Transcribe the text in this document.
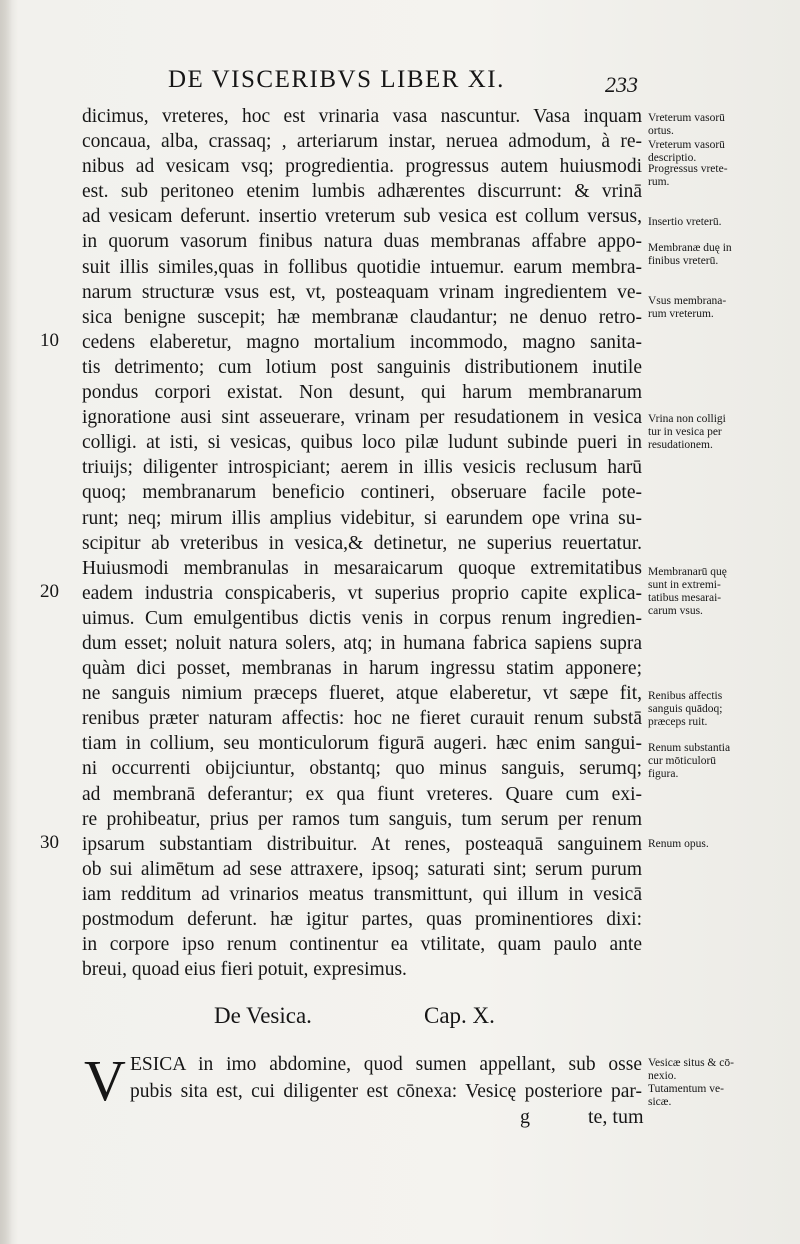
DE VISCERIBVS LIBER XI.	233
dicimus, vreteres, hoc est vrinaria vasa nascuntur. Vasa inquam
concaua, alba, crassaq; , arteriarum instar, neruea admodum, à re-
nibus ad vesicam vsq; progredientia. progressus autem huiusmodi
est. sub peritoneo etenim lumbis adhærentes discurrunt: & vrinā
ad vesicam deferunt. insertio vreterum sub vesica est collum versus,
in quorum vasorum finibus natura duas membranas affabre appo-
suit illis similes,quas in follibus quotidie intuemur. earum membra-
narum structuræ vsus est, vt, posteaquam vrinam ingredientem ve-
sica benigne suscepit; hæ membranæ claudantur; ne denuo retro-
cedens elaberetur, magno mortalium incommodo, magno sanita-
tis detrimento; cum lotium post sanguinis distributionem inutile
pondus corpori existat. Non desunt, qui harum membranarum
ignoratione ausi sint asseuerare, vrinam per resudationem in vesica
colligi. at isti, si vesicas, quibus loco pilæ ludunt subinde pueri in
triuijs; diligenter introspiciant; aerem in illis vesicis reclusum harū
quoq; membranarum beneficio contineri, obseruare facile pote-
runt; neq; mirum illis amplius videbitur, si earundem ope vrina su-
scipitur ab vreteribus in vesica,& detinetur, ne superius reuertatur.
Huiusmodi membranulas in mesaraicarum quoque extremitatibus
eadem industria conspicaberis, vt superius proprio capite explica-
uimus. Cum emulgentibus dictis venis in corpus renum ingredien-
dum esset; noluit natura solers, atq; in humana fabrica sapiens supra
quàm dici posset, membranas in harum ingressu statim apponere;
ne sanguis nimium præceps flueret, atque elaberetur, vt sæpe fit,
renibus præter naturam affectis: hoc ne fieret curauit renum substā
tiam in collium, seu monticulorum figurā augeri. hæc enim sangui-
ni occurrenti obijciuntur, obstantq; quo minus sanguis, serumq;
ad membranā deferantur; ex qua fiunt vreteres. Quare cum exi-
re prohibeatur, prius per ramos tum sanguis, tum serum per renum
ipsarum substantiam distribuitur. At renes, posteaquā sanguinem
ob sui alimētum ad sese attraxere, ipsoq; saturati sint; serum purum
iam redditum ad vrinarios meatus transmittunt, qui illum in vesicā
postmodum deferunt. hæ igitur partes, quas prominentiores dixi:
in corpore ipso renum continentur ea vtilitate, quam paulo ante
breui, quoad eius fieri potuit, expresimus.
10
20
30
Vreterum vasorū
ortus.
Vreterum vasorū
descriptio.
Progressus vrete-
rum.
Insertio vreterū.
Membranæ duę in
finibus vreterū.
Vsus membrana-
rum vreterum.
Vrina non colligi
tur in vesica per
resudationem.
Membranarū quę
sunt in extremi-
tatibus mesarai-
carum vsus.
Renibus affectis
sanguis quādoq;
præceps ruit.
Renum substantia
cur mōticulorū
figura.
Renum opus.
Vesicæ situs & cō-
nexio.
Tutamentum ve-
sicæ.
De Vesica.	Cap. X.
V ESICA in imo abdomine, quod sumen appellant, sub osse
pubis sita est, cui diligenter est cōnexa: Vesicę posteriore par-
g	te, tum
